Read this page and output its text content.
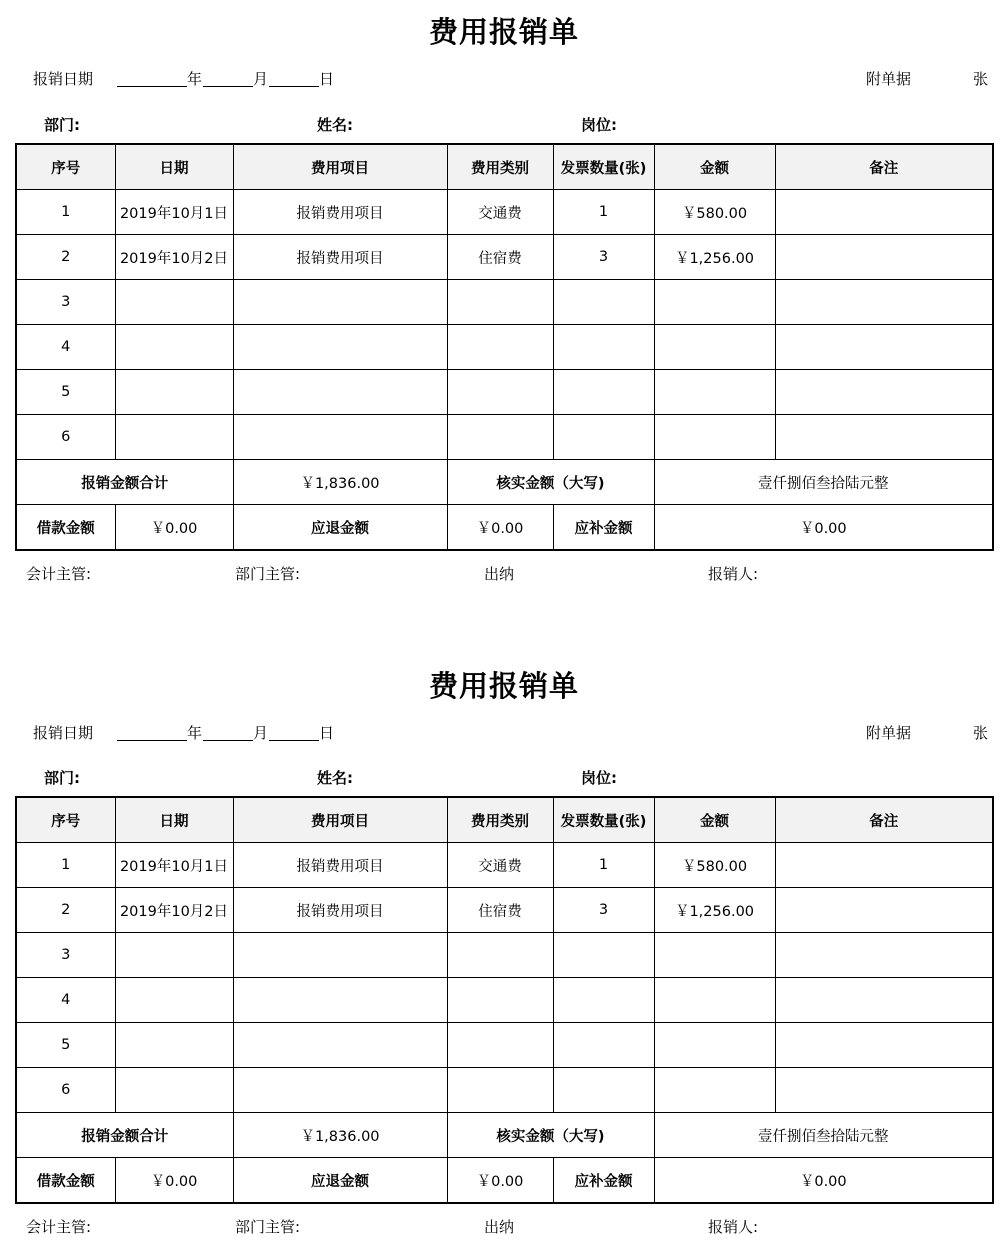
费用报销单
报销日期	年	月	日	附单据	张
部门:	姓名:	岗位:
序号	日期	费用项目	费用类别	发票数量(张)	金额	备注
1	2019年10月1日	报销费用项目	交通费	1	￥580.00	
2	2019年10月2日	报销费用项目	住宿费	3	￥1,256.00	
3						
4						
5						
6						
报销金额合计		￥1,836.00	核实金额（大写)		壹仟捌佰叁拾陆元整	
借款金额	￥0.00	应退金额	￥0.00	应补金额	￥0.00	
会计主管:	部门主管:	出纳	报销人:
费用报销单
报销日期	年	月	日	附单据	张
部门:	姓名:	岗位:
序号	日期	费用项目	费用类别	发票数量(张)	金额	备注
1	2019年10月1日	报销费用项目	交通费	1	￥580.00	
2	2019年10月2日	报销费用项目	住宿费	3	￥1,256.00	
3						
4						
5						
6						
报销金额合计		￥1,836.00	核实金额（大写)		壹仟捌佰叁拾陆元整	
借款金额	￥0.00	应退金额	￥0.00	应补金额	￥0.00	
会计主管:	部门主管:	出纳	报销人:
